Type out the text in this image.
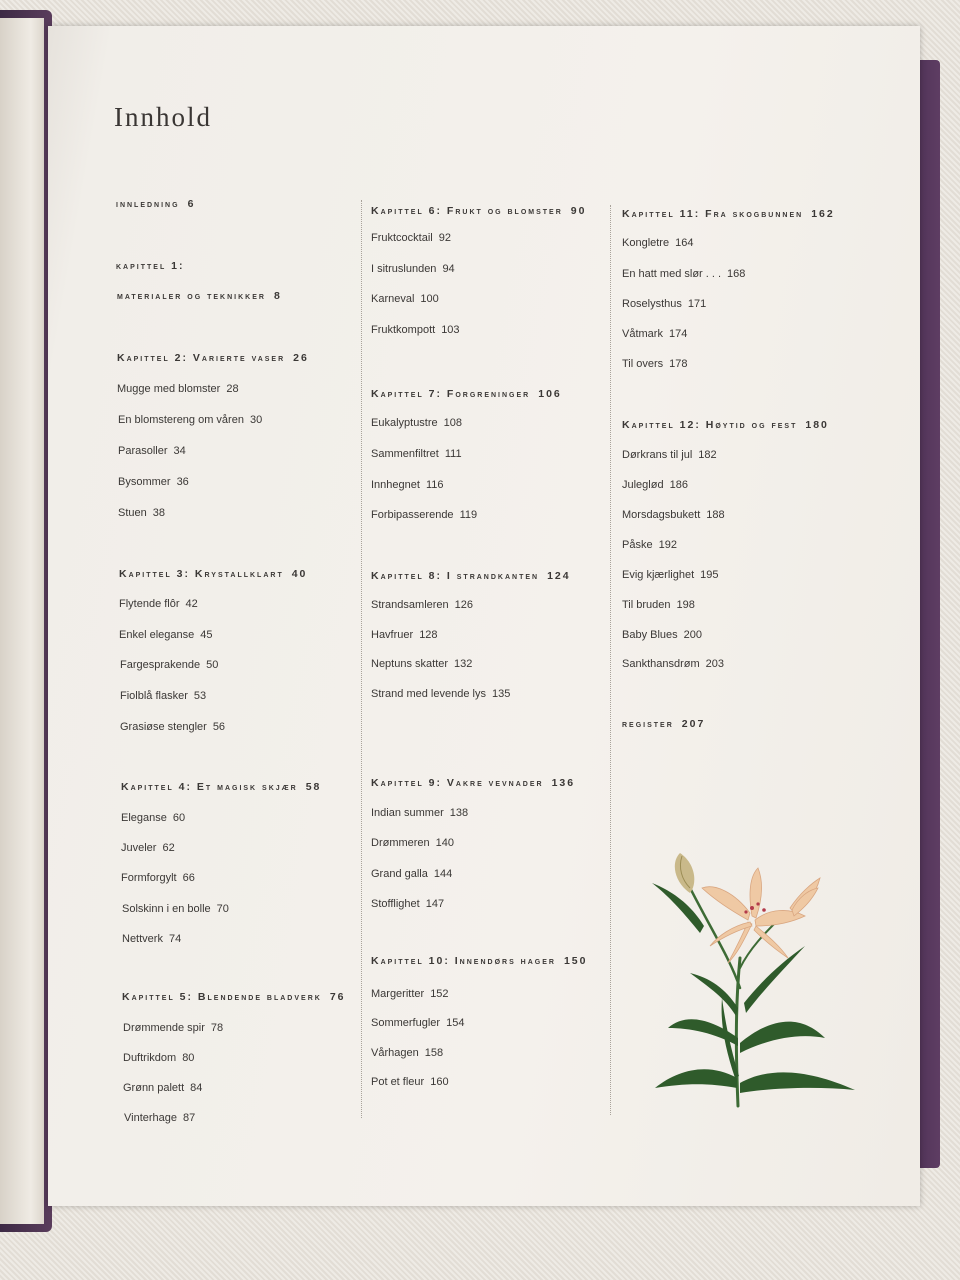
Innhold
innledning 6
kapittel 1:
materialer og teknikker 8
Kapittel 2: Varierte vaser 26
Mugge med blomster 28
En blomstereng om våren 30
Parasoller 34
Bysommer 36
Stuen 38
Kapittel 3: Krystallklart 40
Flytende flôr 42
Enkel eleganse 45
Fargesprakende 50
Fiolblå flasker 53
Grasiøse stengler 56
Kapittel 4: Et magisk skjær 58
Eleganse 60
Juveler 62
Formforgylt 66
Solskinn i en bolle 70
Nettverk 74
Kapittel 5: Blendende bladverk 76
Drømmende spir 78
Duftrikdom 80
Grønn palett 84
Vinterhage 87
Kapittel 6: Frukt og blomster 90
Fruktcocktail 92
I sitruslunden 94
Karneval 100
Fruktkompott 103
Kapittel 7: Forgreninger 106
Eukalyptustre 108
Sammenfiltret 111
Innhegnet 116
Forbipasserende 119
Kapittel 8: I strandkanten 124
Strandsamleren 126
Havfruer 128
Neptuns skatter 132
Strand med levende lys 135
Kapittel 9: Vakre vevnader 136
Indian summer 138
Drømmeren 140
Grand galla 144
Stofflighet 147
Kapittel 10: Innendørs hager 150
Margeritter 152
Sommerfugler 154
Vårhagen 158
Pot et fleur 160
Kapittel 11: Fra skogbunnen 162
Kongletre 164
En hatt med slør . . . 168
Roselysthus 171
Våtmark 174
Til overs 178
Kapittel 12: Høytid og fest 180
Dørkrans til jul 182
Juleglød 186
Morsdagsbukett 188
Påske 192
Evig kjærlighet 195
Til bruden 198
Baby Blues 200
Sankthansdrøm 203
register 207
